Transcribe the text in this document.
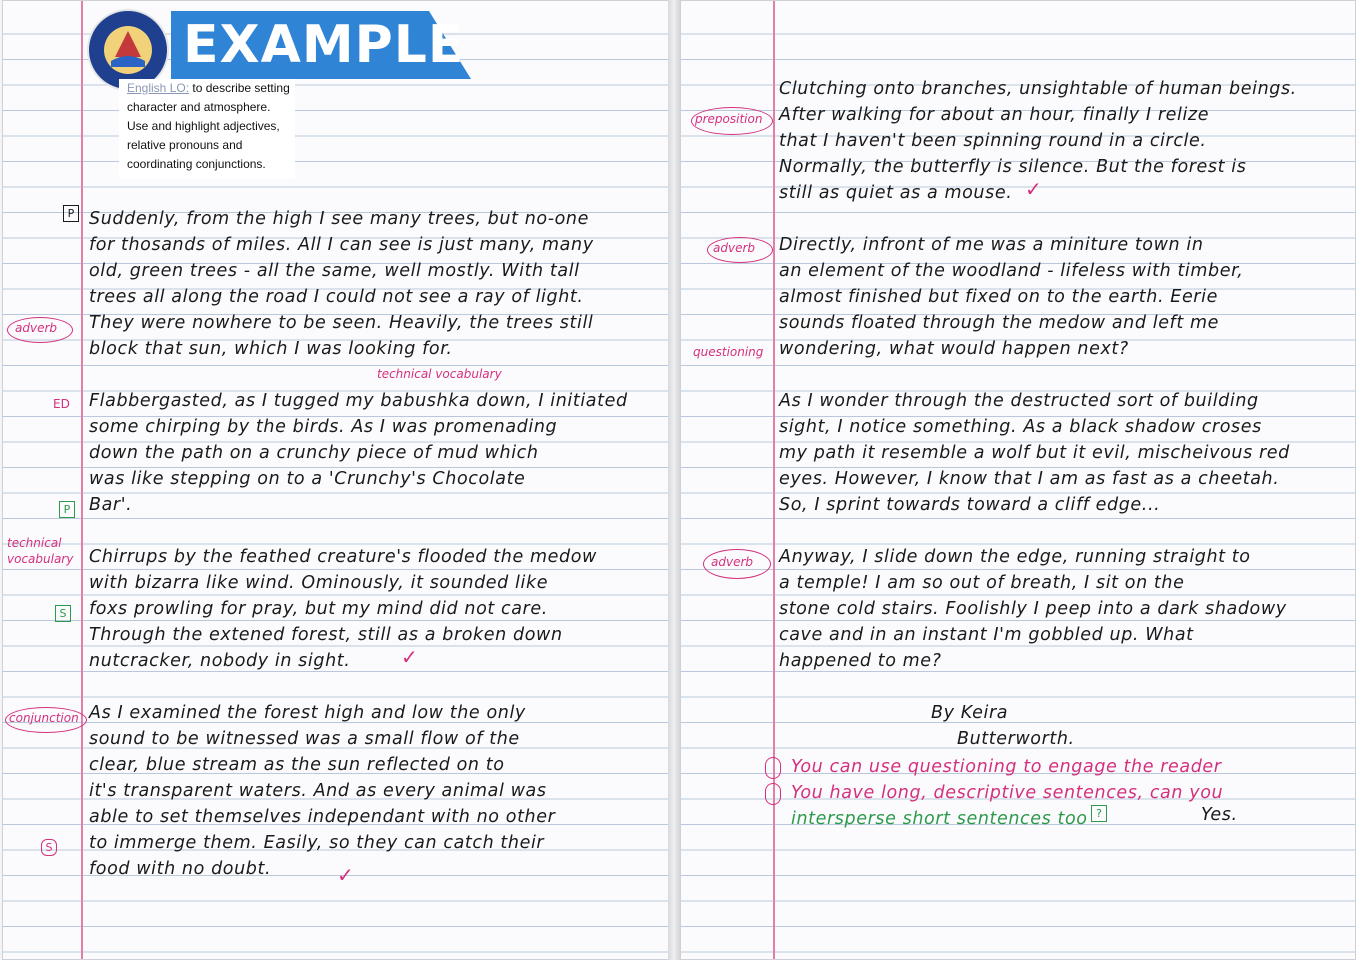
EXAMPLE
English LO: to describe setting
character and atmosphere.
Use and highlight adjectives,
relative pronouns and
coordinating conjunctions.
P Suddenly, from the high I see many trees, but no-one
for thosands of miles. All I can see is just many, many
old, green trees - all the same, well mostly. With tall
trees all along the road I could not see a ray of light.
adverb They were nowhere to be seen. Heavily, the trees still
block that sun, which I was looking for.
technical vocabulary
ED Flabbergasted, as I tugged my babushka down, I initiated
some chirping by the birds. As I was promenading
down the path on a crunchy piece of mud which
was like stepping on to a 'Crunchy's Chocolate
P Bar'.
technical vocabulary Chirrups by the feathed creature's flooded the medow
with bizarra like wind. Ominously, it sounded like
S foxs prowling for pray, but my mind did not care.
Through the extened forest, still as a broken down
nutcracker, nobody in sight.	✓
conjunction As I examined the forest high and low the only
sound to be witnessed was a small flow of the
clear, blue stream as the sun reflected on to
it's transparent waters. And as every animal was
able to set themselves independant with no other
S to immerge them. Easily, so they can catch their
food with no doubt.	✓
Clutching onto branches, unsightable of human beings.
preposition After walking for about an hour, finally I relize
that I haven't been spinning round in a circle.
Normally, the butterfly is silence. But the forest is
still as quiet as a mouse. ✓
adverb Directly, infront of me was a miniture town in
an element of the woodland - lifeless with timber,
almost finished but fixed on to the earth. Eerie
sounds floated through the medow and left me
questioning wondering, what would happen next?
As I wonder through the destructed sort of building
sight, I notice something. As a black shadow croses
my path it resemble a wolf but it evil, mischeivous red
eyes. However, I know that I am as fast as a cheetah.
So, I sprint towards toward a cliff edge...
adverb Anyway, I slide down the edge, running straight to
a temple! I am so out of breath, I sit on the
stone cold stairs. Foolishly I peep into a dark shadowy
cave and in an instant I'm gobbled up. What
happened to me?
By Keira
Butterworth.
You can use questioning to engage the reader
You have long, descriptive sentences, can you
intersperse short sentences too ?	Yes.
